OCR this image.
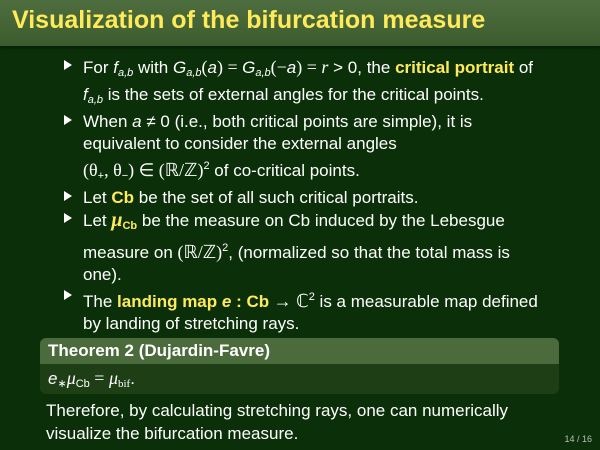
Visualization of the bifurcation measure
For $f_{a,b}$ with $G_{a,b}(a) = G_{a,b}(-a) = r > 0$, the critical portrait of $f_{a,b}$ is the sets of external angles for the critical points.
When a ≠ 0 (i.e., both critical points are simple), it is equivalent to consider the external angles
($\theta_+$, $\theta_-$) ∈ (ℝ/ℤ)$^2$ of co-critical points.
Let Cb be the set of all such critical portraits.
Let $\mu_{Cb}$ be the measure on Cb induced by the Lebesgue measure on (ℝ/ℤ)$^2$, (normalized so that the total mass is one).
The landing map e : Cb → ℂ$^2$ is a measurable map defined by landing of stretching rays.
Theorem 2 (Dujardin-Favre)
$e_∗\mu_{Cb} = \mu_{bif}$.
Therefore, by calculating stretching rays, one can numerically visualize the bifurcation measure.	14 / 16
